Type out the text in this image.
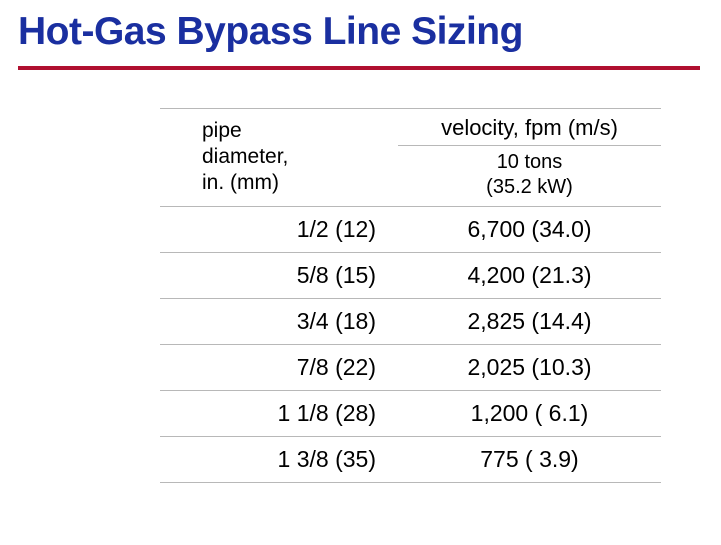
Hot-Gas Bypass Line Sizing
pipe
diameter,
in. (mm)	velocity, fpm (m/s)
	10 tons
(35.2 kW)
1/2 (12)	6,700 (34.0)
5/8 (15)	4,200 (21.3)
3/4 (18)	2,825 (14.4)
7/8 (22)	2,025 (10.3)
1 1/8 (28)	1,200 ( 6.1)
1 3/8 (35)	775 ( 3.9)
